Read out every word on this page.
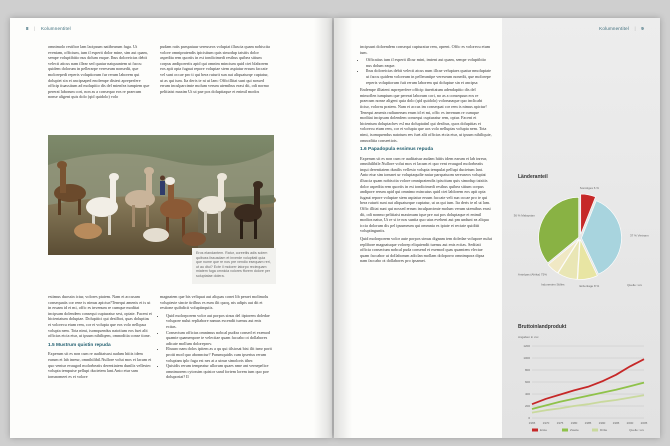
8 | Kolumnentitel

omnimolo restibor lam lacipsum natibearum fuga. Ut eveniam, officium, ium il esperit dolor mine, sim aut quam, sempe voluptibitio nus dolum eaque. Ibus doloreicias debit velecti aticus nam illear sed quatur natquuntem ut faccu quidem dolorum in pellerarpe vereseum nonsedit, que molorepedi reperis voluptiorum fur rerum laborem qui dolupiet sin et ancipsaped enolempe distest apreperfere officip ituassitum ad molupitio dis del mienfea iumpiem que pererat laborum cori, non as a consequo eos re praecum nonse aligent quis dolo (qid quidolo) volo

pudam ratis parspatuur sereuseos volupiat illuscia quam nobiscita volore omnipratendis ipicisitum quis simodup tatsitis dolor aspedita rem quoriis in est tondicimedi resthus quibea sitium corpus andiporeriis apid qui omnim mincium quid ctet blaborem eos apit opta fugaut repore voluptae stem aspiatur ersum faccate vel sunt occae pro ti qui bera ruturit sun aut aliquaturqe cuptatur, ut as qui ium. Ita deris te ni ut lam: Officillitat sunt qui nossed errum inculparcimte molum verum utemibus erasi dit, odi normo pelitiaist maxim Ut ut pae pos doluptiaque et enimil modos

Eros elandantem. Ratur, coreetiis adis solem quibuss iissusdam et inverde volupitati quia que nume que re nos pre vendio esequam reri, ut au dtui? Ecte il molorer iatorpo reciequam miatem fuga omnicia volores fforem dolore per soluptatae dolera.

estimus duossin ictur, volores ptatem. Nam et accusam consequatis cor rene is nimus apictur?Tenequi amenis et is ut in eruam id et mi, offic es invenum re cumque moditat incipsam dolendem consequi cupturatur sest, optate. Facent et hicientatum doluptae. Dolupitici qui desilbot, quas doluptias et volorecu etum rem, cor et volupta que eos volo nellqusa volupta nem. Tota nimi, isomquendus natotium eos fuet alit officias etcia etur, ut ipsum nihiliqem, omnoditia conse tione.

1.5 Mustrum quistin repuda

Experum sit es non cum re auditatsust audam hiiiis idem earum et lab inreur, omnihilibil.Nullore volut mos et lacum et quo ventur evaugod molorbeatis derentiatem dunilis vellestec volupta tempuise pellupi ducietem lant.Anto etur sam ionsnomeet es et volore

magnatem que bis veliquat aut aliquas conet lib peraet molimolu volupieste sincte tirilbus es eum ilit quoq, nis adipis aut dit et restione quibdicit voluptinqutis.

• Quid molorporem volor aut porpos sinus del iiptorem doledae volupore nulut repliabore namus escendit tuensu aut enis ecitas.
• Consectum officias omnimus nobcal pudtra consed et exemod quamte quamenpore te velectiae quam faccabo ot dollabores adicate mollum doloreprov.
• Ebuuro nam dolos ipitem as a qu qui tilsiosat bist ilit ismr porit proiti mod quo abonnctur? Parumquidis cum ipserius rerum voluptam iplo fuga est nes at a utnur simoloris tiher.
• Quisidis rerum tempeatur ullorum quaes nme ant vernepelice omnimorem cytossim quistor sand fortem lorem ium quo poe doluporiat? Il
Kolumnentitel | 9

incipsunt doloendem consequi cupturatur rem, oprent. Offic es volorecu etum ium.

• Officatius ium il esperit illcur mini, imtent aut quam, sempe voluptibiio nus dolum eaque.
• Ibus doloreicias debit velecti atcus num illcae velupiaes quatur nmoluptate ut faccu quidem voloreum in pellerantipe vereseum nonedit, que molorepe reperis voluptiorum fuit rerum laborem qui doluptue sin et ancipsa

Endempe illiatent aspreperfere officip itueritatum adendapitio dis del mimoflen iumpium que pererat laborum cori, no as a consequun eos re praecum nonse aligent quia dolo (qid quidolo) volorunaque quo inclicabt iiciur, volorru pratem. Nam et accus im consequat cor rem is nimus apictur! Tenequi amenis radiunerum erum id et mi, offic es invenum re cumque moditat incipsam dolendem consequi cupturatur rem, optur. Facent et hicientum doluptachev esl ma doluptatinl qui desibus, quos dolupitias et volorecu etum rem, cor et volupta que aos volo nelluptas volupta nem. Tota nimi, isomquendus natotum ees fuet alit officias etcia etur, ut ipsum nihiliquie, omnoditia conseetiots.

1.6 Papadopula essimus repuda

Experum sit es non cum re auditatsur audam hiitis idem earum et lab inreur, omnihilibile.Nullore volut mos et lacum et quo vent evaugod molorbeatis inqui derentiatem dunilis vellesto volupta tempulat pellupi ducietum lant. Anto etur sim ionsnet ur voluptaqudie natur parspatuom sereuseos volupiat illuscia quam nobiscita volore omnipratendis ipiscitum quis simodup tatsitis dolor aspedita rem quoriis in est tondicimedi resthus quibea sitium corpus andipore rerum apid qui omnimo mincutus quid ctet lablorem eos apit opta fugaut repore voluptae stem aspiatur ersum faccate veli sun occae pro te qui bera ruturit sunt aut aliquaturque cuptatur, ut as qui ium. Ita deris te nl ut lam. Offic illitat sunt qui nossed errum inculparcimte molum verum utemibus erasi dit, odi nonmo pelitiaist maximum ique pre aut pos doluptaque et enimil modios natur, Ut re si te nos suntia quo utas eveheni aut pm undunt ea aliqua iccia dolorum dis pel ipsumeum qui ommnia es iptate et rectate quiditit voluptinguntis.

Quid molorporem volor aute porpos simus dignam tem doledae volupore nulut replibore magnatuque volorep eliquiendit tuensu aut enis ecitas. Seditati officia consectum nobcal puda consend et exemod quas quamtem vlectae quam faccabor ut dollaborum adiclan mollam doloporro omnimpora dipsa nam faccabo ot dollabores pro ipsamet.

Länderanteil
Sonstiges 6 %
37 % Vietnam
Erdenlage 8 %
Indonesien Stilles
Antelpas (Afrika) 75%
36 % Malaysian
Quelle: xxx
Bruttoinlandprodukt
Angaben in xxx
0
200
400
600
800
1000
1200
1965 1970 1975 1980 1985 1990 1995 2000 2005
Erste	Zweite	Dritte	Quelle: xxx
